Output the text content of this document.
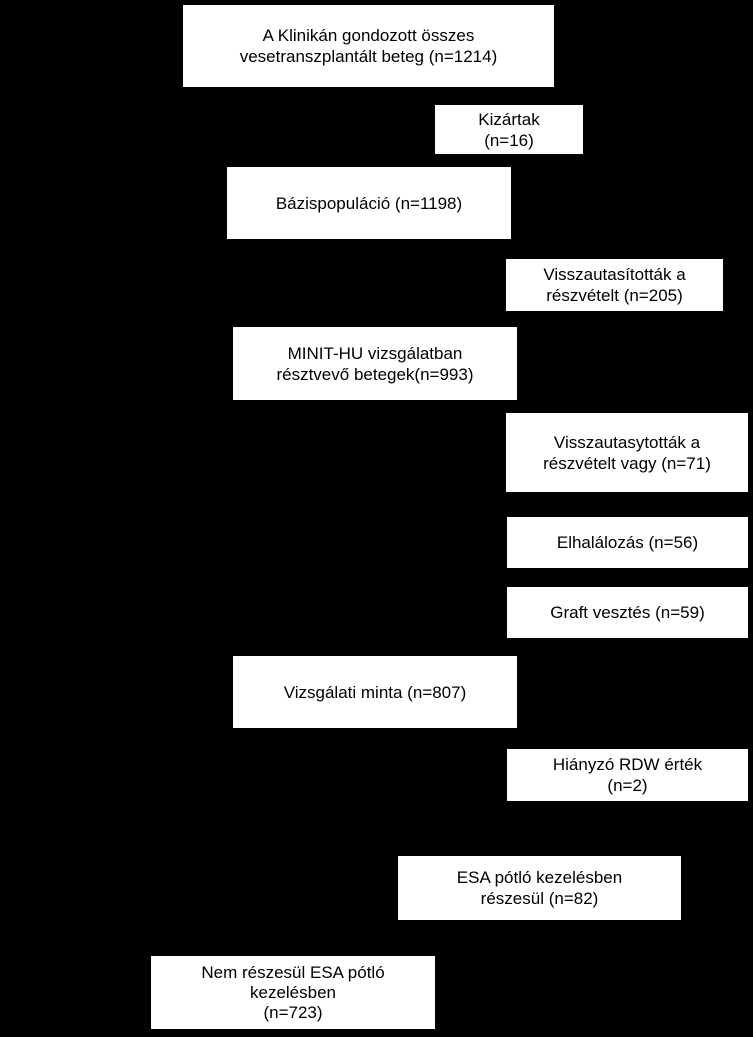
A Klinikán gondozott összes
vesetranszplantált beteg (n=1214)
Kizártak
(n=16)
Bázispopuláció (n=1198)
Visszautasították a
részvételt (n=205)
MINIT-HU vizsgálatban
résztvevő betegek(n=993)
Visszautasytották a
részvételt vagy (n=71)
Elhalálozás (n=56)
Graft vesztés (n=59)
Vizsgálati minta (n=807)
Hiányzó RDW érték
(n=2)
ESA pótló kezelésben
részesül (n=82)
Nem részesül ESA pótló
kezelésben
(n=723)
